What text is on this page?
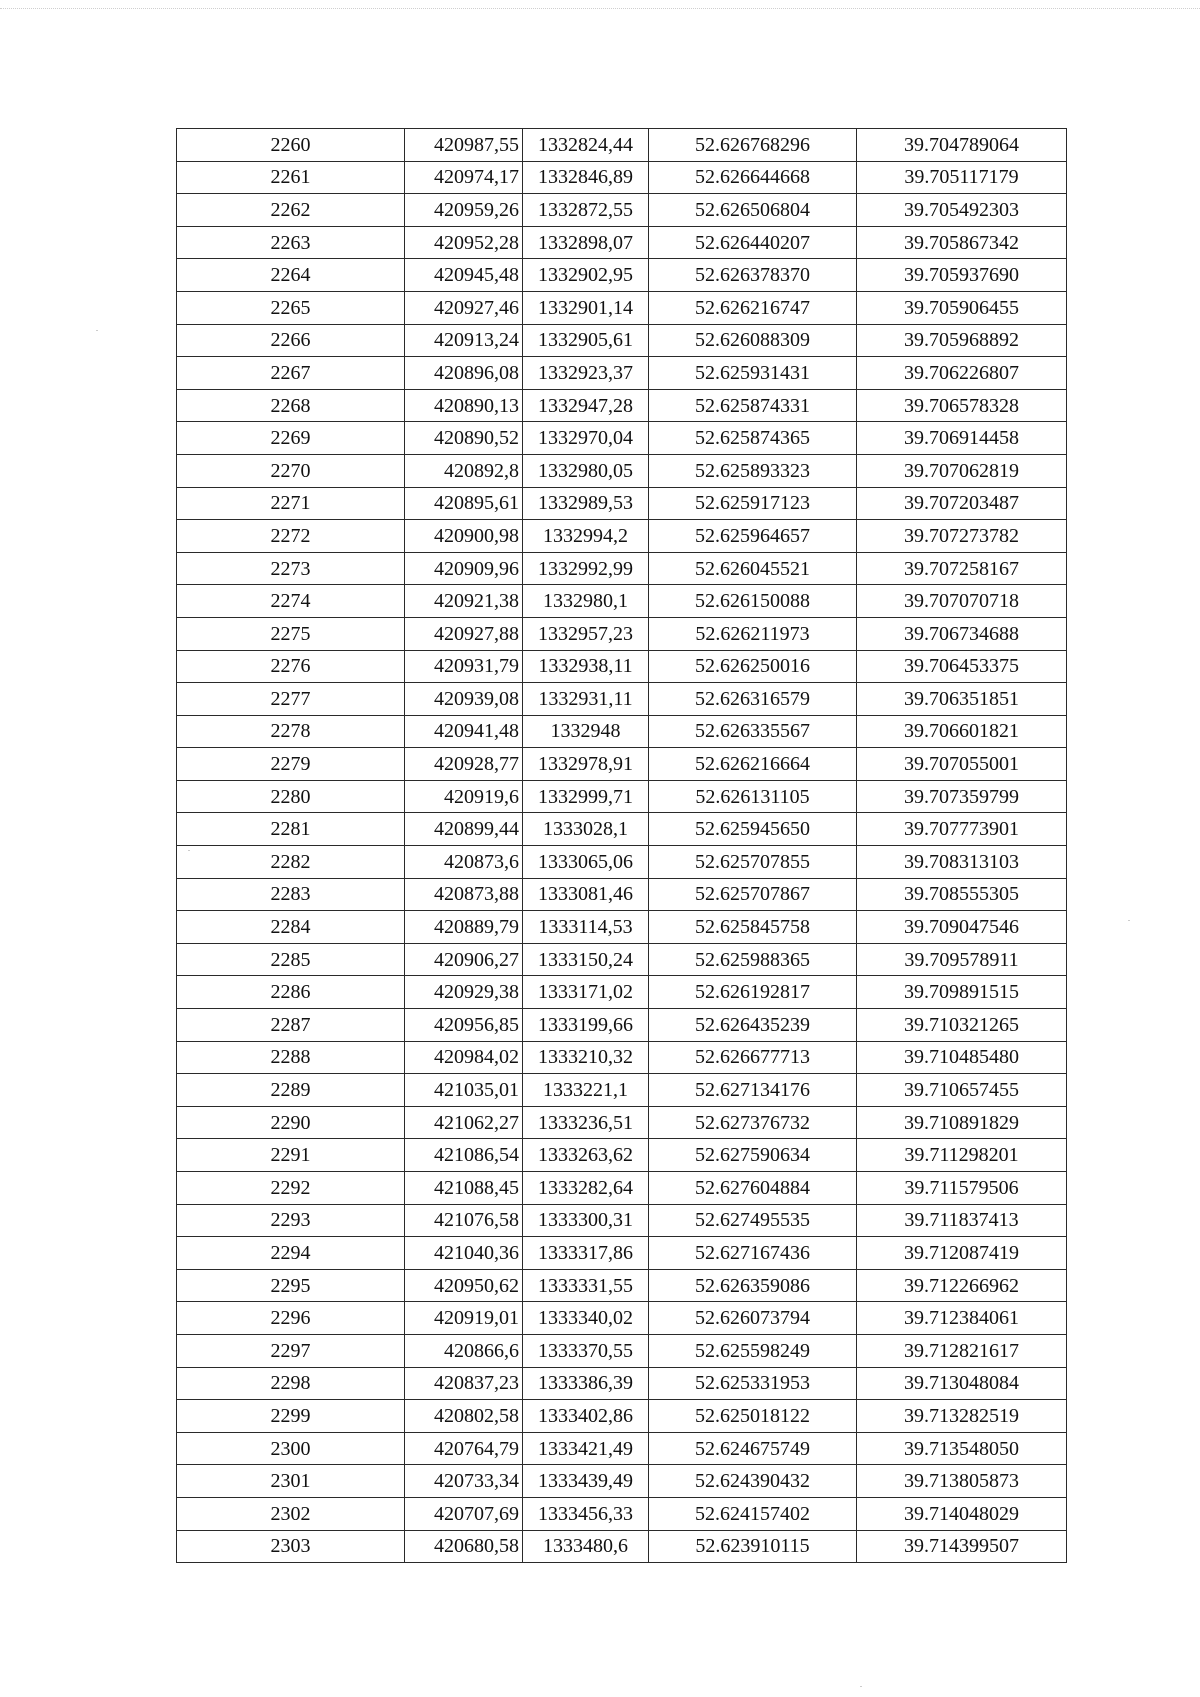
2260	420987,55	1332824,44	52.626768296	39.704789064
2261	420974,17	1332846,89	52.626644668	39.705117179
2262	420959,26	1332872,55	52.626506804	39.705492303
2263	420952,28	1332898,07	52.626440207	39.705867342
2264	420945,48	1332902,95	52.626378370	39.705937690
2265	420927,46	1332901,14	52.626216747	39.705906455
2266	420913,24	1332905,61	52.626088309	39.705968892
2267	420896,08	1332923,37	52.625931431	39.706226807
2268	420890,13	1332947,28	52.625874331	39.706578328
2269	420890,52	1332970,04	52.625874365	39.706914458
2270	420892,8	1332980,05	52.625893323	39.707062819
2271	420895,61	1332989,53	52.625917123	39.707203487
2272	420900,98	1332994,2	52.625964657	39.707273782
2273	420909,96	1332992,99	52.626045521	39.707258167
2274	420921,38	1332980,1	52.626150088	39.707070718
2275	420927,88	1332957,23	52.626211973	39.706734688
2276	420931,79	1332938,11	52.626250016	39.706453375
2277	420939,08	1332931,11	52.626316579	39.706351851
2278	420941,48	1332948	52.626335567	39.706601821
2279	420928,77	1332978,91	52.626216664	39.707055001
2280	420919,6	1332999,71	52.626131105	39.707359799
2281	420899,44	1333028,1	52.625945650	39.707773901
2282	420873,6	1333065,06	52.625707855	39.708313103
2283	420873,88	1333081,46	52.625707867	39.708555305
2284	420889,79	1333114,53	52.625845758	39.709047546
2285	420906,27	1333150,24	52.625988365	39.709578911
2286	420929,38	1333171,02	52.626192817	39.709891515
2287	420956,85	1333199,66	52.626435239	39.710321265
2288	420984,02	1333210,32	52.626677713	39.710485480
2289	421035,01	1333221,1	52.627134176	39.710657455
2290	421062,27	1333236,51	52.627376732	39.710891829
2291	421086,54	1333263,62	52.627590634	39.711298201
2292	421088,45	1333282,64	52.627604884	39.711579506
2293	421076,58	1333300,31	52.627495535	39.711837413
2294	421040,36	1333317,86	52.627167436	39.712087419
2295	420950,62	1333331,55	52.626359086	39.712266962
2296	420919,01	1333340,02	52.626073794	39.712384061
2297	420866,6	1333370,55	52.625598249	39.712821617
2298	420837,23	1333386,39	52.625331953	39.713048084
2299	420802,58	1333402,86	52.625018122	39.713282519
2300	420764,79	1333421,49	52.624675749	39.713548050
2301	420733,34	1333439,49	52.624390432	39.713805873
2302	420707,69	1333456,33	52.624157402	39.714048029
2303	420680,58	1333480,6	52.623910115	39.714399507
